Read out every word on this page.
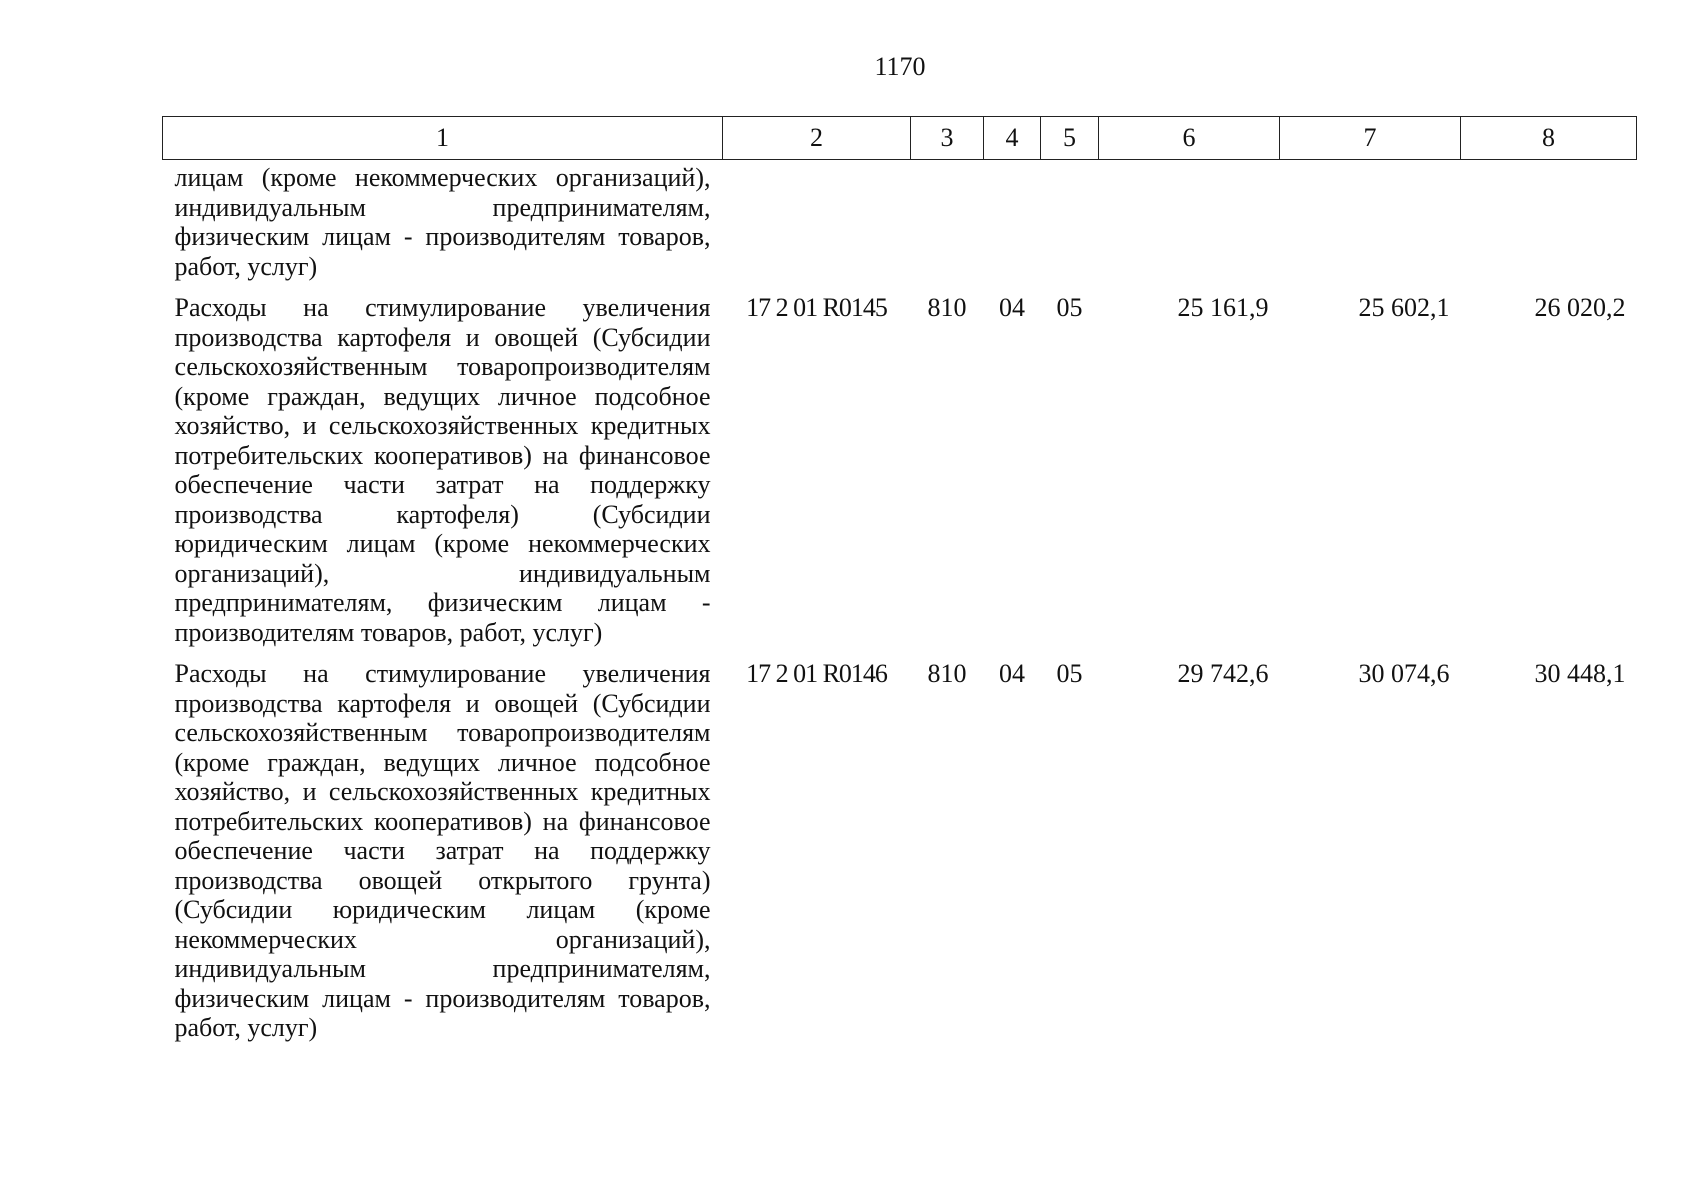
1170
1	2	3	4	5	6	7	8
лицам (кроме некоммерческих организаций), индивидуальным предпринимателям, физическим лицам - производителям товаров, работ, услуг)							
Расходы на стимулирование увеличения производства картофеля и овощей (Субсидии сельскохозяйственным товаропроизводителям (кроме граждан, ведущих личное подсобное хозяйство, и сельскохозяйственных кредитных потребительских кооперативов) на финансовое обеспечение части затрат на поддержку производства картофеля) (Субсидии юридическим лицам (кроме некоммерческих организаций), индивидуальным предпринимателям, физическим лицам - производителям товаров, работ, услуг)	17 2 01 R0145	810	04	05	25 161,9	25 602,1	26 020,2
Расходы на стимулирование увеличения производства картофеля и овощей (Субсидии сельскохозяйственным товаропроизводителям (кроме граждан, ведущих личное подсобное хозяйство, и сельскохозяйственных кредитных потребительских кооперативов) на финансовое обеспечение части затрат на поддержку производства овощей открытого грунта) (Субсидии юридическим лицам (кроме некоммерческих организаций), индивидуальным предпринимателям, физическим лицам - производителям товаров, работ, услуг)	17 2 01 R0146	810	04	05	29 742,6	30 074,6	30 448,1
